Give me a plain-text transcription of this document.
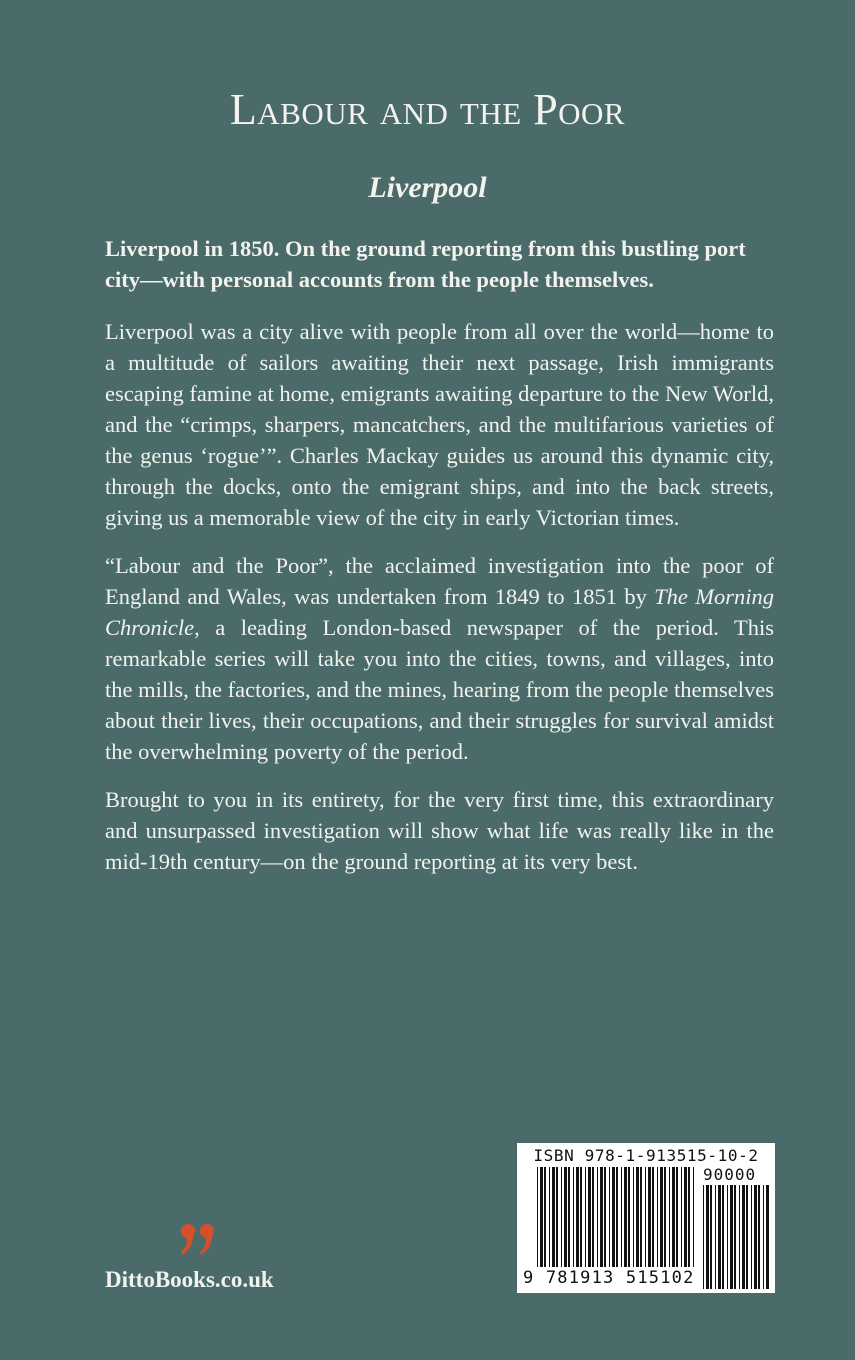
Labour and the Poor
Liverpool

Liverpool in 1850. On the ground reporting from this bustling port city—with personal accounts from the people themselves.

Liverpool was a city alive with people from all over the world—home to a multitude of sailors awaiting their next passage, Irish immigrants escaping famine at home, emigrants awaiting departure to the New World, and the “crimps, sharpers, mancatchers, and the multifarious varieties of the genus ‘rogue’”. Charles Mackay guides us around this dynamic city, through the docks, onto the emigrant ships, and into the back streets, giving us a memorable view of the city in early Victorian times.

“Labour and the Poor”, the acclaimed investigation into the poor of England and Wales, was undertaken from 1849 to 1851 by The Morning Chronicle, a leading London-based newspaper of the period. This remarkable series will take you into the cities, towns, and villages, into the mills, the factories, and the mines, hearing from the people themselves about their lives, their occupations, and their struggles for survival amidst the overwhelming poverty of the period.

Brought to you in its entirety, for the very first time, this extraordinary and unsurpassed investigation will show what life was really like in the mid-19th century—on the ground reporting at its very best.

DittoBooks.co.uk
ISBN 978-1-913515-10-2
90000
9 781913 515102
